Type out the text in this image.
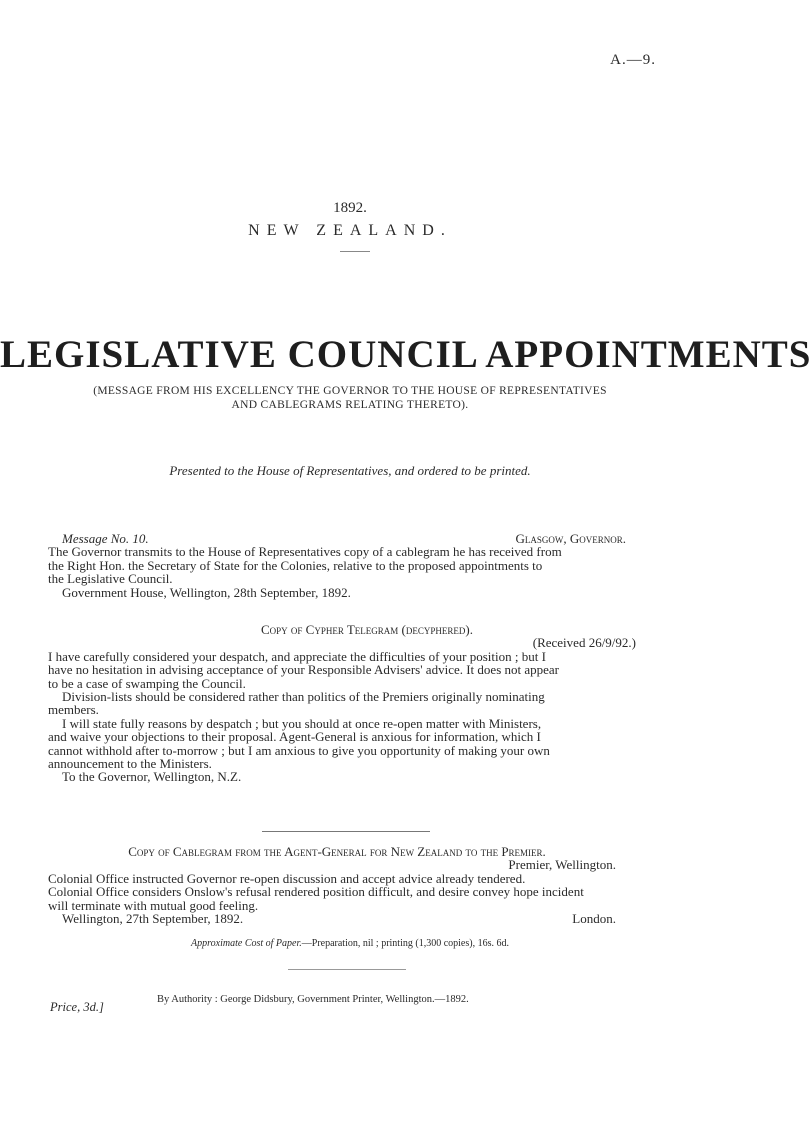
A.—9.
1892.
NEW ZEALAND.
LEGISLATIVE COUNCIL APPOINTMENTS
(MESSAGE FROM HIS EXCELLENCY THE GOVERNOR TO THE HOUSE OF REPRESENTATIVES
AND CABLEGRAMS RELATING THERETO).
Presented to the House of Representatives, and ordered to be printed.
Message No. 10.	Glasgow, Governor.
The Governor transmits to the House of Representatives copy of a cablegram he has received from
the Right Hon. the Secretary of State for the Colonies, relative to the proposed appointments to
the Legislative Council.
Government House, Wellington, 28th September, 1892.
Copy of Cypher Telegram (decyphered).
(Received 26/9/92.)
I have carefully considered your despatch, and appreciate the difficulties of your position ; but I
have no hesitation in advising acceptance of your Responsible Advisers' advice. It does not appear
to be a case of swamping the Council.
Division-lists should be considered rather than politics of the Premiers originally nominating
members.
I will state fully reasons by despatch ; but you should at once re-open matter with Ministers,
and waive your objections to their proposal. Agent-General is anxious for information, which I
cannot withhold after to-morrow ; but I am anxious to give you opportunity of making your own
announcement to the Ministers.
To the Governor, Wellington, N.Z.
Copy of Cablegram from the Agent-General for New Zealand to the Premier.
Premier, Wellington.
Colonial Office instructed Governor re-open discussion and accept advice already tendered.
Colonial Office considers Onslow's refusal rendered position difficult, and desire convey hope incident
will terminate with mutual good feeling.
Wellington, 27th September, 1892.	London.
Approximate Cost of Paper.—Preparation, nil ; printing (1,300 copies), 16s. 6d.
By Authority : George Didsbury, Government Printer, Wellington.—1892.
Price, 3d.]
